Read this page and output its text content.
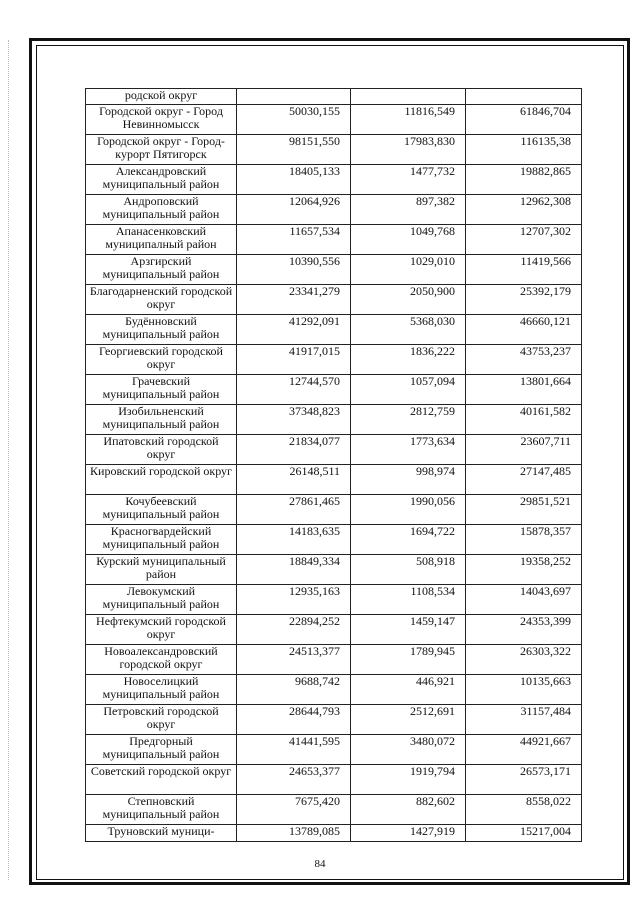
родской округ			
Городской округ - Город Невинномысск	50030,155	11816,549	61846,704
Городской округ - Город-курорт Пятигорск	98151,550	17983,830	116135,38
Александровский муниципальный район	18405,133	1477,732	19882,865
Андроповский муниципальный район	12064,926	897,382	12962,308
Апанасенковский муниципалный район	11657,534	1049,768	12707,302
Арзгирский муниципальный район	10390,556	1029,010	11419,566
Благодарненский городской округ	23341,279	2050,900	25392,179
Будённовский муниципальный район	41292,091	5368,030	46660,121
Георгиевский городской округ	41917,015	1836,222	43753,237
Грачевский муниципальный район	12744,570	1057,094	13801,664
Изобильненский муниципальный район	37348,823	2812,759	40161,582
Ипатовский городской округ	21834,077	1773,634	23607,711
Кировский городской округ	26148,511	998,974	27147,485
Кочубеевский муниципальный район	27861,465	1990,056	29851,521
Красногвардейский муниципальный район	14183,635	1694,722	15878,357
Курский муниципальный район	18849,334	508,918	19358,252
Левокумский муниципальный район	12935,163	1108,534	14043,697
Нефтекумский городской округ	22894,252	1459,147	24353,399
Новоалександровский городской округ	24513,377	1789,945	26303,322
Новоселицкий муниципальный район	9688,742	446,921	10135,663
Петровский городской округ	28644,793	2512,691	31157,484
Предгорный муниципальный район	41441,595	3480,072	44921,667
Советский городской округ	24653,377	1919,794	26573,171
Степновский муниципальный район	7675,420	882,602	8558,022
Труновский муници-	13789,085	1427,919	15217,004
84
